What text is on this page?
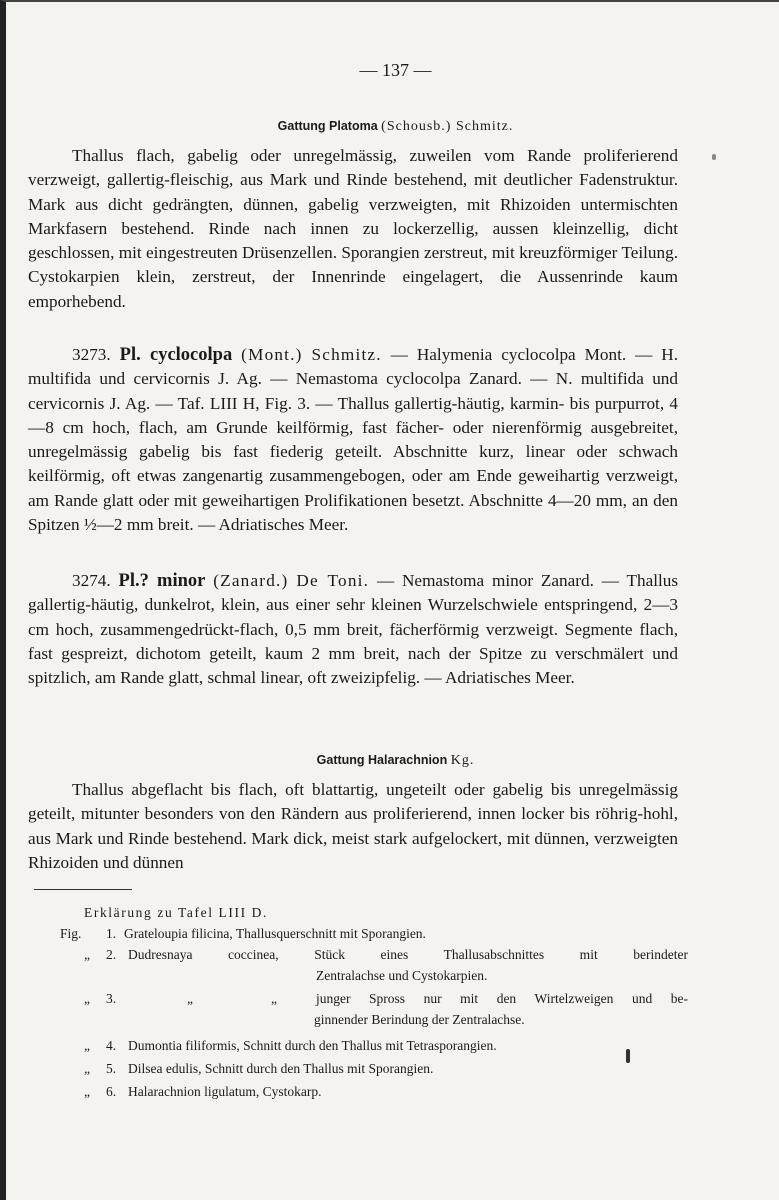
— 137 —
Gattung Platoma (Schousb.) Schmitz.

Thallus flach, gabelig oder unregelmässig, zuweilen vom Rande proliferierend verzweigt, gallertig-fleischig, aus Mark und Rinde bestehend, mit deutlicher Fadenstruktur. Mark aus dicht gedrängten, dünnen, gabelig verzweigten, mit Rhizoiden untermischten Markfasern bestehend. Rinde nach innen zu lockerzellig, aussen kleinzellig, dicht geschlossen, mit eingestreuten Drüsenzellen. Sporangien zerstreut, mit kreuzförmiger Teilung. Cystokarpien klein, zerstreut, der Innenrinde eingelagert, die Aussenrinde kaum emporhebend.

3273. Pl. cyclocolpa (Mont.) Schmitz. — Halymenia cyclocolpa Mont. — H. multifida und cervicornis J. Ag. — Nemastoma cyclocolpa Zanard. — N. multifida und cervicornis J. Ag. — Taf. LIII H, Fig. 3. — Thallus gallertig-häutig, karmin- bis purpurrot, 4—8 cm hoch, flach, am Grunde keilförmig, fast fächer- oder nierenförmig ausgebreitet, unregelmässig gabelig bis fast fiederig geteilt. Abschnitte kurz, linear oder schwach keilförmig, oft etwas zangenartig zusammengebogen, oder am Ende geweihartig verzweigt, am Rande glatt oder mit geweihartigen Prolifikationen besetzt. Abschnitte 4—20 mm, an den Spitzen ½—2 mm breit. — Adriatisches Meer.

3274. Pl.? minor (Zanard.) De Toni. — Nemastoma minor Zanard. — Thallus gallertig-häutig, dunkelrot, klein, aus einer sehr kleinen Wurzelschwiele entspringend, 2—3 cm hoch, zusammengedrückt-flach, 0,5 mm breit, fächerförmig verzweigt. Segmente flach, fast gespreizt, dichotom geteilt, kaum 2 mm breit, nach der Spitze zu verschmälert und spitzlich, am Rande glatt, schmal linear, oft zweizipfelig. — Adriatisches Meer.

Gattung Halarachnion Kg.

Thallus abgeflacht bis flach, oft blattartig, ungeteilt oder gabelig bis unregelmässig geteilt, mitunter besonders von den Rändern aus proliferierend, innen locker bis röhrig-hohl, aus Mark und Rinde bestehend. Mark dick, meist stark aufgelockert, mit dünnen, verzweigten Rhizoiden und dünnen

Erklärung zu Tafel LIII D.
Fig.	1. Grateloupia filicina, Thallusquerschnitt mit Sporangien.
„	2. Dudresnaya coccinea, Stück eines Thallusabschnittes mit berindeter
Zentralachse und Cystokarpien.
„	3.	„	„	junger Spross nur mit den Wirtelzweigen und be-
ginnender Berindung der Zentralachse.
„	4. Dumontia filiformis, Schnitt durch den Thallus mit Tetrasporangien.
„	5. Dilsea edulis, Schnitt durch den Thallus mit Sporangien.
„	6. Halarachnion ligulatum, Cystokarp.
